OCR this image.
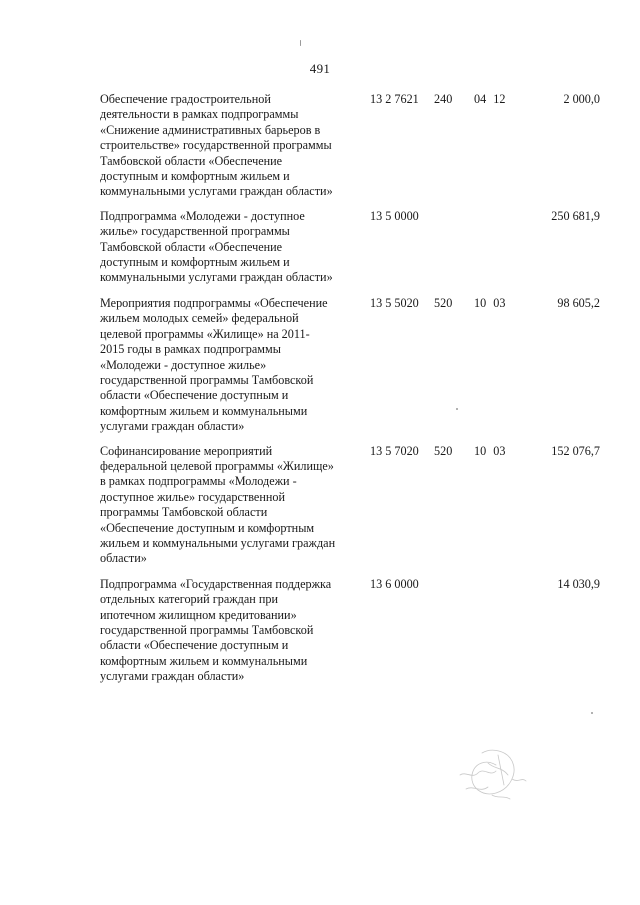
491
Обеспечение градостроительной
деятельности в рамках подпрограммы
«Снижение административных барьеров в
строительстве» государственной программы
Тамбовской области «Обеспечение
доступным и комфортным жильем и
коммунальными услугами граждан области»
13 2 7621 240 04 12	2 000,0
Подпрограмма «Молодежи - доступное
жилье» государственной программы
Тамбовской области «Обеспечение
доступным и комфортным жильем и
коммунальными услугами граждан области»
13 5 0000	250 681,9
Мероприятия подпрограммы «Обеспечение
жильем молодых семей» федеральной
целевой программы «Жилище» на 2011-
2015 годы в рамках подпрограммы
«Молодежи - доступное жилье»
государственной программы Тамбовской
области «Обеспечение доступным и
комфортным жильем и коммунальными
услугами граждан области»
13 5 5020 520 10 03	98 605,2
Софинансирование мероприятий
федеральной целевой программы «Жилище»
в рамках подпрограммы «Молодежи -
доступное жилье» государственной
программы Тамбовской области
«Обеспечение доступным и комфортным
жильем и коммунальными услугами граждан
области»
13 5 7020 520 10 03	152 076,7
Подпрограмма «Государственная поддержка
отдельных категорий граждан при
ипотечном жилищном кредитовании»
государственной программы Тамбовской
области «Обеспечение доступным и
комфортным жильем и коммунальными
услугами граждан области»
13 6 0000	14 030,9
